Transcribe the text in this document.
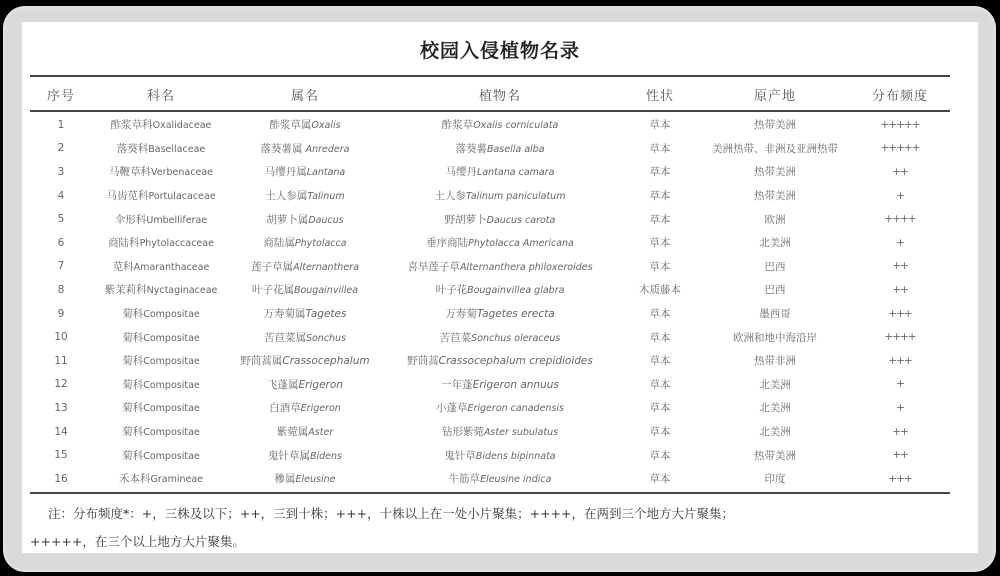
校园入侵植物名录
序号	科名	属名	植物名	性状	原产地	分布频度
1	酢浆草科Oxalidaceae	酢浆草属Oxalis	酢浆草Oxalis corniculata	草本	热带美洲	+++++
2	落葵科Basellaceae	落葵薯属 Anredera	落葵薯Basella alba	草本	美洲热带、非洲及亚洲热带	+++++
3	马鞭草科Verbenaceae	马缨丹属Lantana	马缨丹Lantana camara	草本	热带美洲	++
4	马齿苋科Portulacaceae	土人参属Talinum	土人参Talinum paniculatum	草本	热带美洲	+
5	伞形科Umbelliferae	胡萝卜属Daucus	野胡萝卜Daucus carota	草本	欧洲	++++
6	商陆科Phytolaccaceae	商陆属Phytolacca	垂序商陆Phytolacca Americana	草本	北美洲	+
7	苋科Amaranthaceae	莲子草属Alternanthera	喜旱莲子草Alternanthera philoxeroides	草本	巴西	++
8	紫茉莉科Nyctaginaceae	叶子花属Bougainvillea	叶子花Bougainvillea glabra	木质藤本	巴西	++
9	菊科Compositae	万寿菊属Tagetes	万寿菊Tagetes erecta	草本	墨西哥	+++
10	菊科Compositae	苦苣菜属Sonchus	苦苣菜Sonchus oleraceus	草本	欧洲和地中海沿岸	++++
11	菊科Compositae	野茼蒿属Crassocephalum	野茼蒿Crassocephalum crepidioides	草本	热带非洲	+++
12	菊科Compositae	飞蓬属Erigeron	一年蓬Erigeron annuus	草本	北美洲	+
13	菊科Compositae	白酒草Erigeron	小蓬草Erigeron canadensis	草本	北美洲	+
14	菊科Compositae	紫菀属Aster	钻形紫菀Aster subulatus	草本	北美洲	++
15	菊科Compositae	鬼针草属Bidens	鬼针草Bidens bipinnata	草本	热带美洲	++
16	禾本科Gramineae	穇属Eleusine	牛筋草Eleusine indica	草本	印度	+++
注：分布频度*：+，三株及以下；++，三到十株；+++，十株以上在一处小片聚集；++++，在两到三个地方大片聚集；
+++++，在三个以上地方大片聚集。
